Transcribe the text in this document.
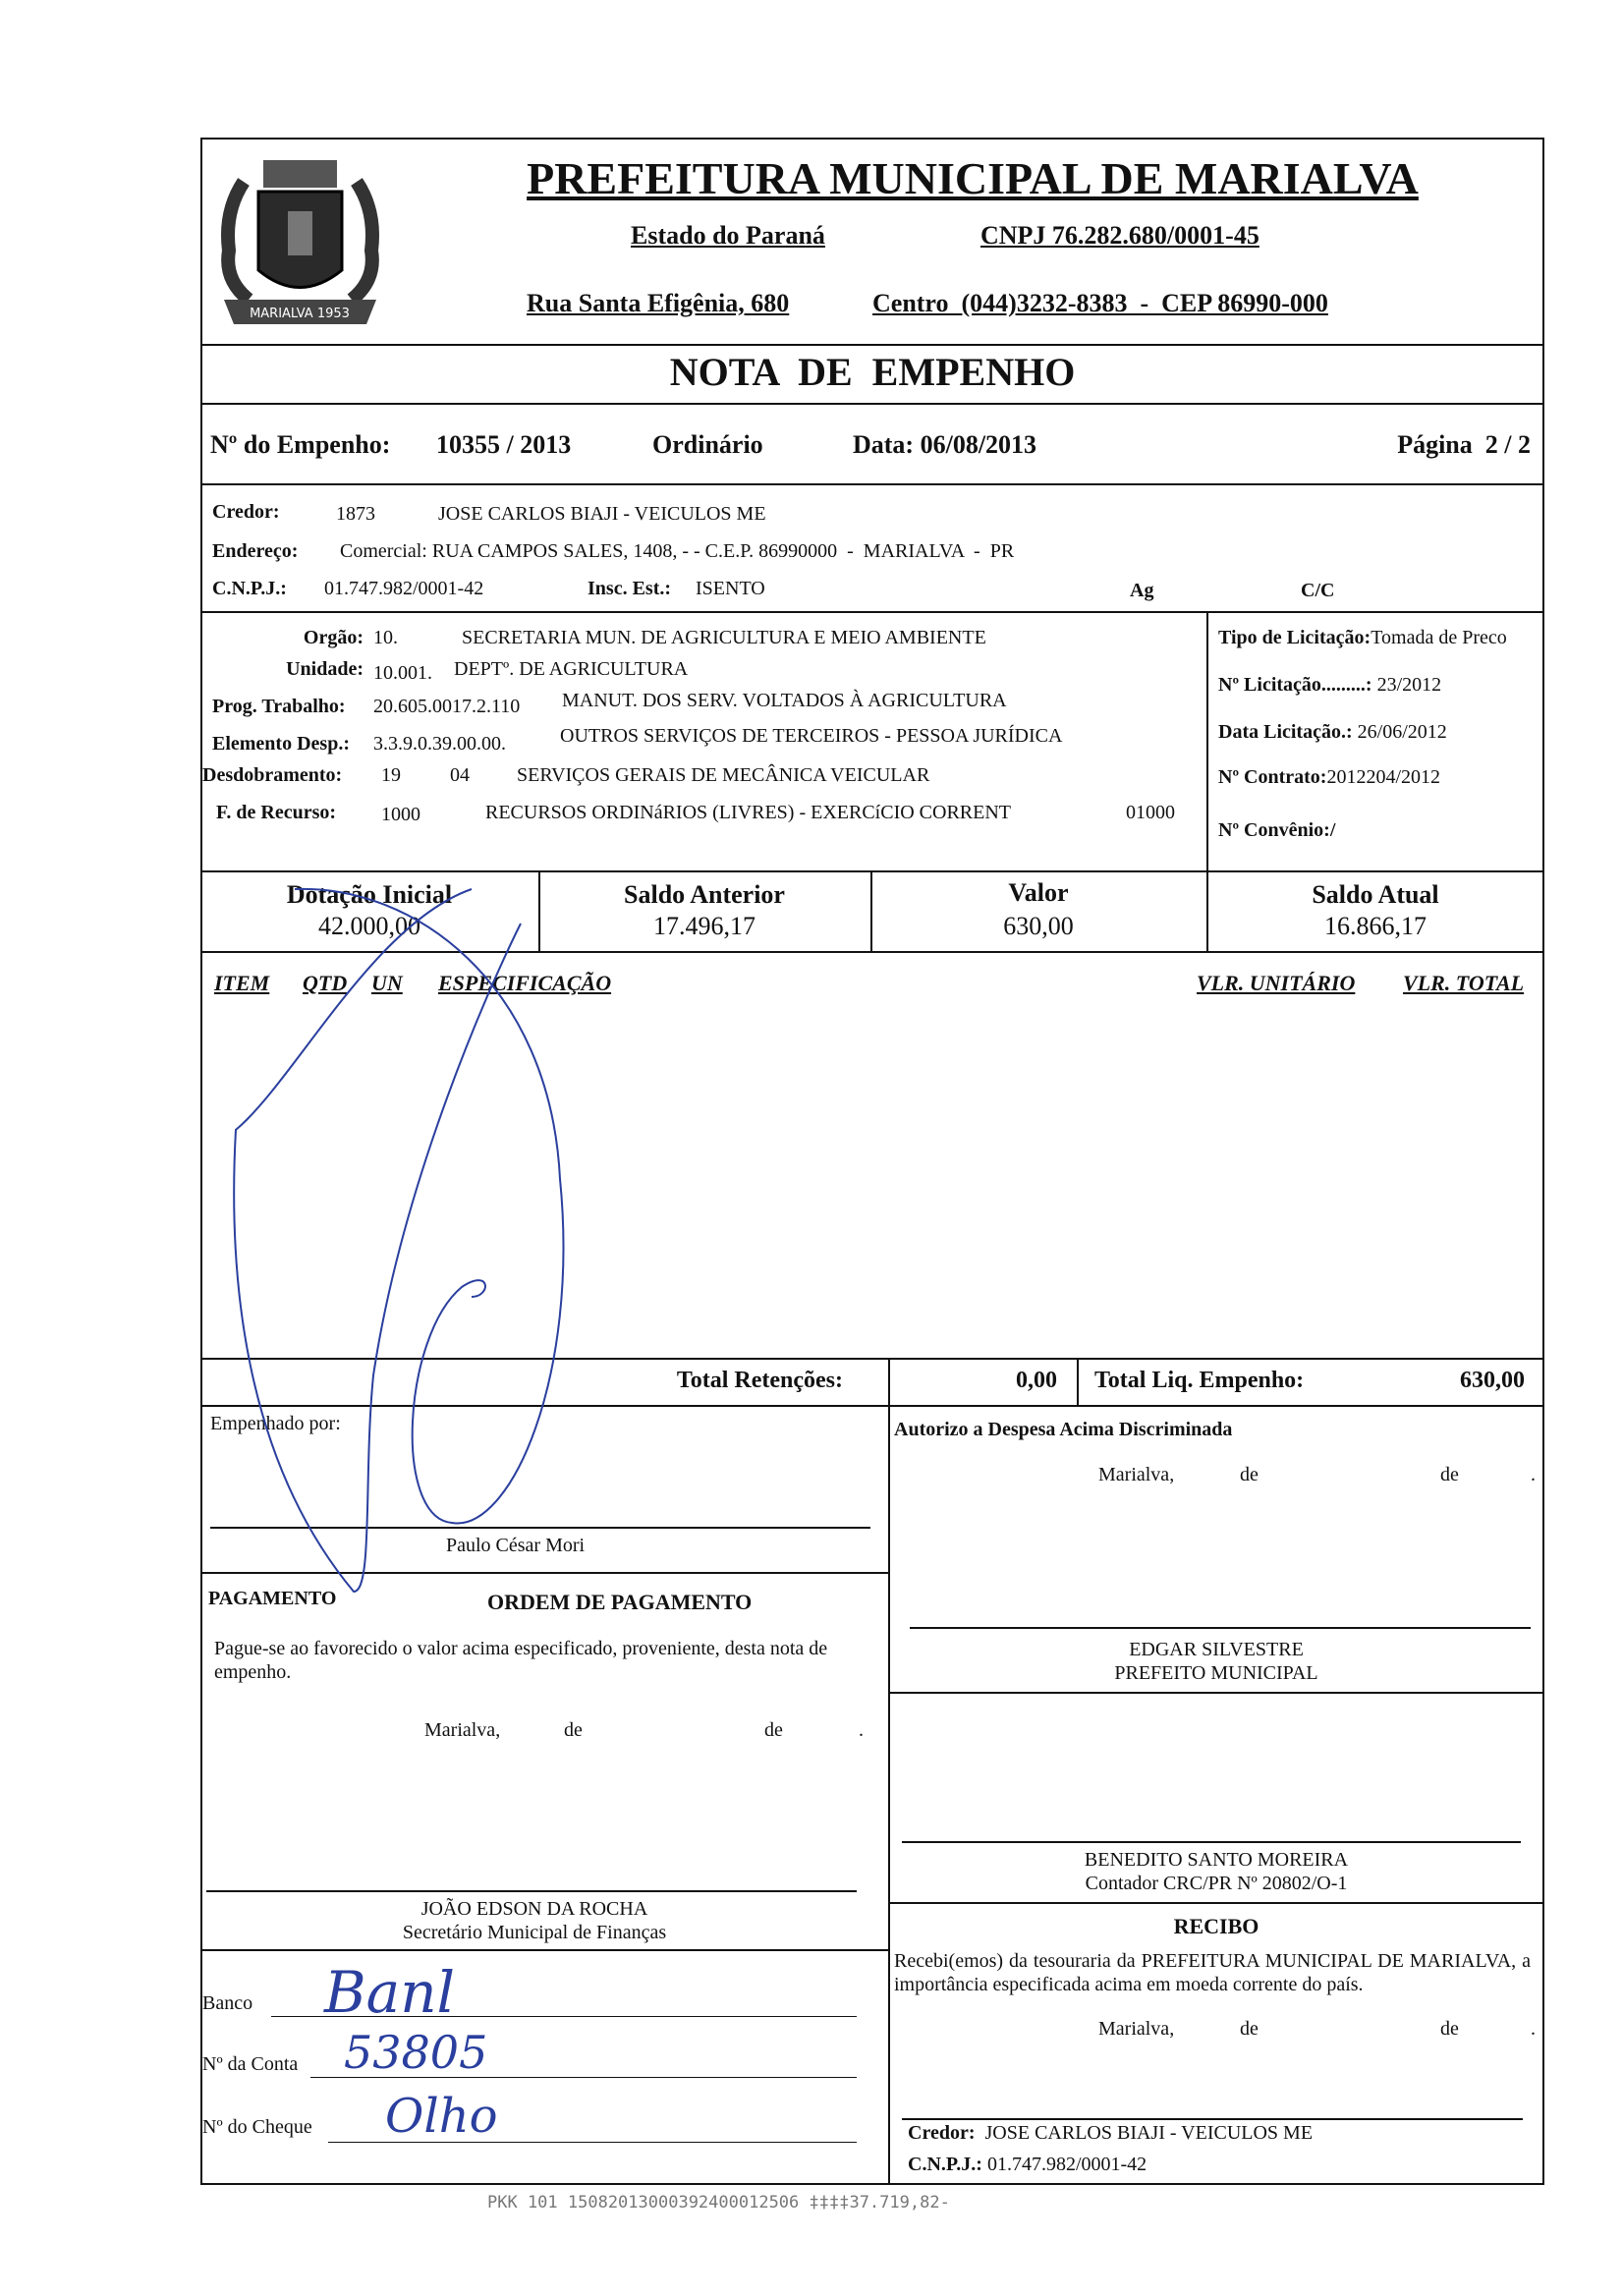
MARIALVA 1953
PREFEITURA MUNICIPAL DE MARIALVA
Estado do Paraná	CNPJ 76.282.680/0001-45
Rua Santa Efigênia, 680	Centro  (044)3232-8383  -  CEP 86990-000
NOTA  DE  EMPENHO
Nº do Empenho: 10355 / 2013	Ordinário	Data: 06/08/2013	Página  2 / 2
Credor:	1873	JOSE CARLOS BIAJI - VEICULOS ME
Endereço: Comercial: RUA CAMPOS SALES, 1408, - - C.E.P. 86990000  -  MARIALVA  -  PR
C.N.P.J.: 01.747.982/0001-42	Insc. Est.: ISENTO	Ag	C/C
Orgão: 10.	SECRETARIA MUN. DE AGRICULTURA E MEIO AMBIENTE
Unidade: 10.001. DEPTº. DE AGRICULTURA
Prog. Trabalho: 20.605.0017.2.110 MANUT. DOS SERV. VOLTADOS À AGRICULTURA
Elemento Desp.: 3.3.9.0.39.00.00.	OUTROS SERVIÇOS DE TERCEIROS - PESSOA JURÍDICA
Desdobramento: 19	04 SERVIÇOS GERAIS DE MECÂNICA VEICULAR
F. de Recurso: 1000	RECURSOS ORDINáRIOS (LIVRES) - EXERCíCIO CORRENT	01000
Tipo de Licitação:Tomada de Preco
Nº Licitação.........: 23/2012
Data Licitação.: 26/06/2012
Nº Contrato:2012204/2012
Nº Convênio:/
Dotação Inicial
42.000,00
Saldo Anterior
17.496,17
Valor
630,00
Saldo Atual
16.866,17
ITEM QTD UN ESPECIFICAÇÃO	VLR. UNITÁRIO VLR. TOTAL
Total Retenções:	0,00 Total Liq. Empenho:	630,00
Empenhado por:
Paulo César Mori
PAGAMENTO	ORDEM DE PAGAMENTO
Pague-se ao favorecido o valor acima especificado, proveniente, desta nota de empenho.
Marialva,	de	de	.
JOÃO EDSON DA ROCHA
Secretário Municipal de Finanças
Banco Banl
Nº da Conta 53805
Nº do Cheque Olho
Autorizo a Despesa Acima Discriminada
Marialva,	de	de	.
EDGAR SILVESTRE
PREFEITO MUNICIPAL
BENEDITO SANTO MOREIRA
Contador CRC/PR Nº 20802/O-1
RECIBO
Recebi(emos) da tesouraria da PREFEITURA MUNICIPAL DE MARIALVA, a importância especificada acima em moeda corrente do país.
Marialva,	de	de	.
Credor: JOSE CARLOS BIAJI - VEICULOS ME
C.N.P.J.: 01.747.982/0001-42
PKK 101 15082013000392400012506 ‡‡‡‡37.719,82-
